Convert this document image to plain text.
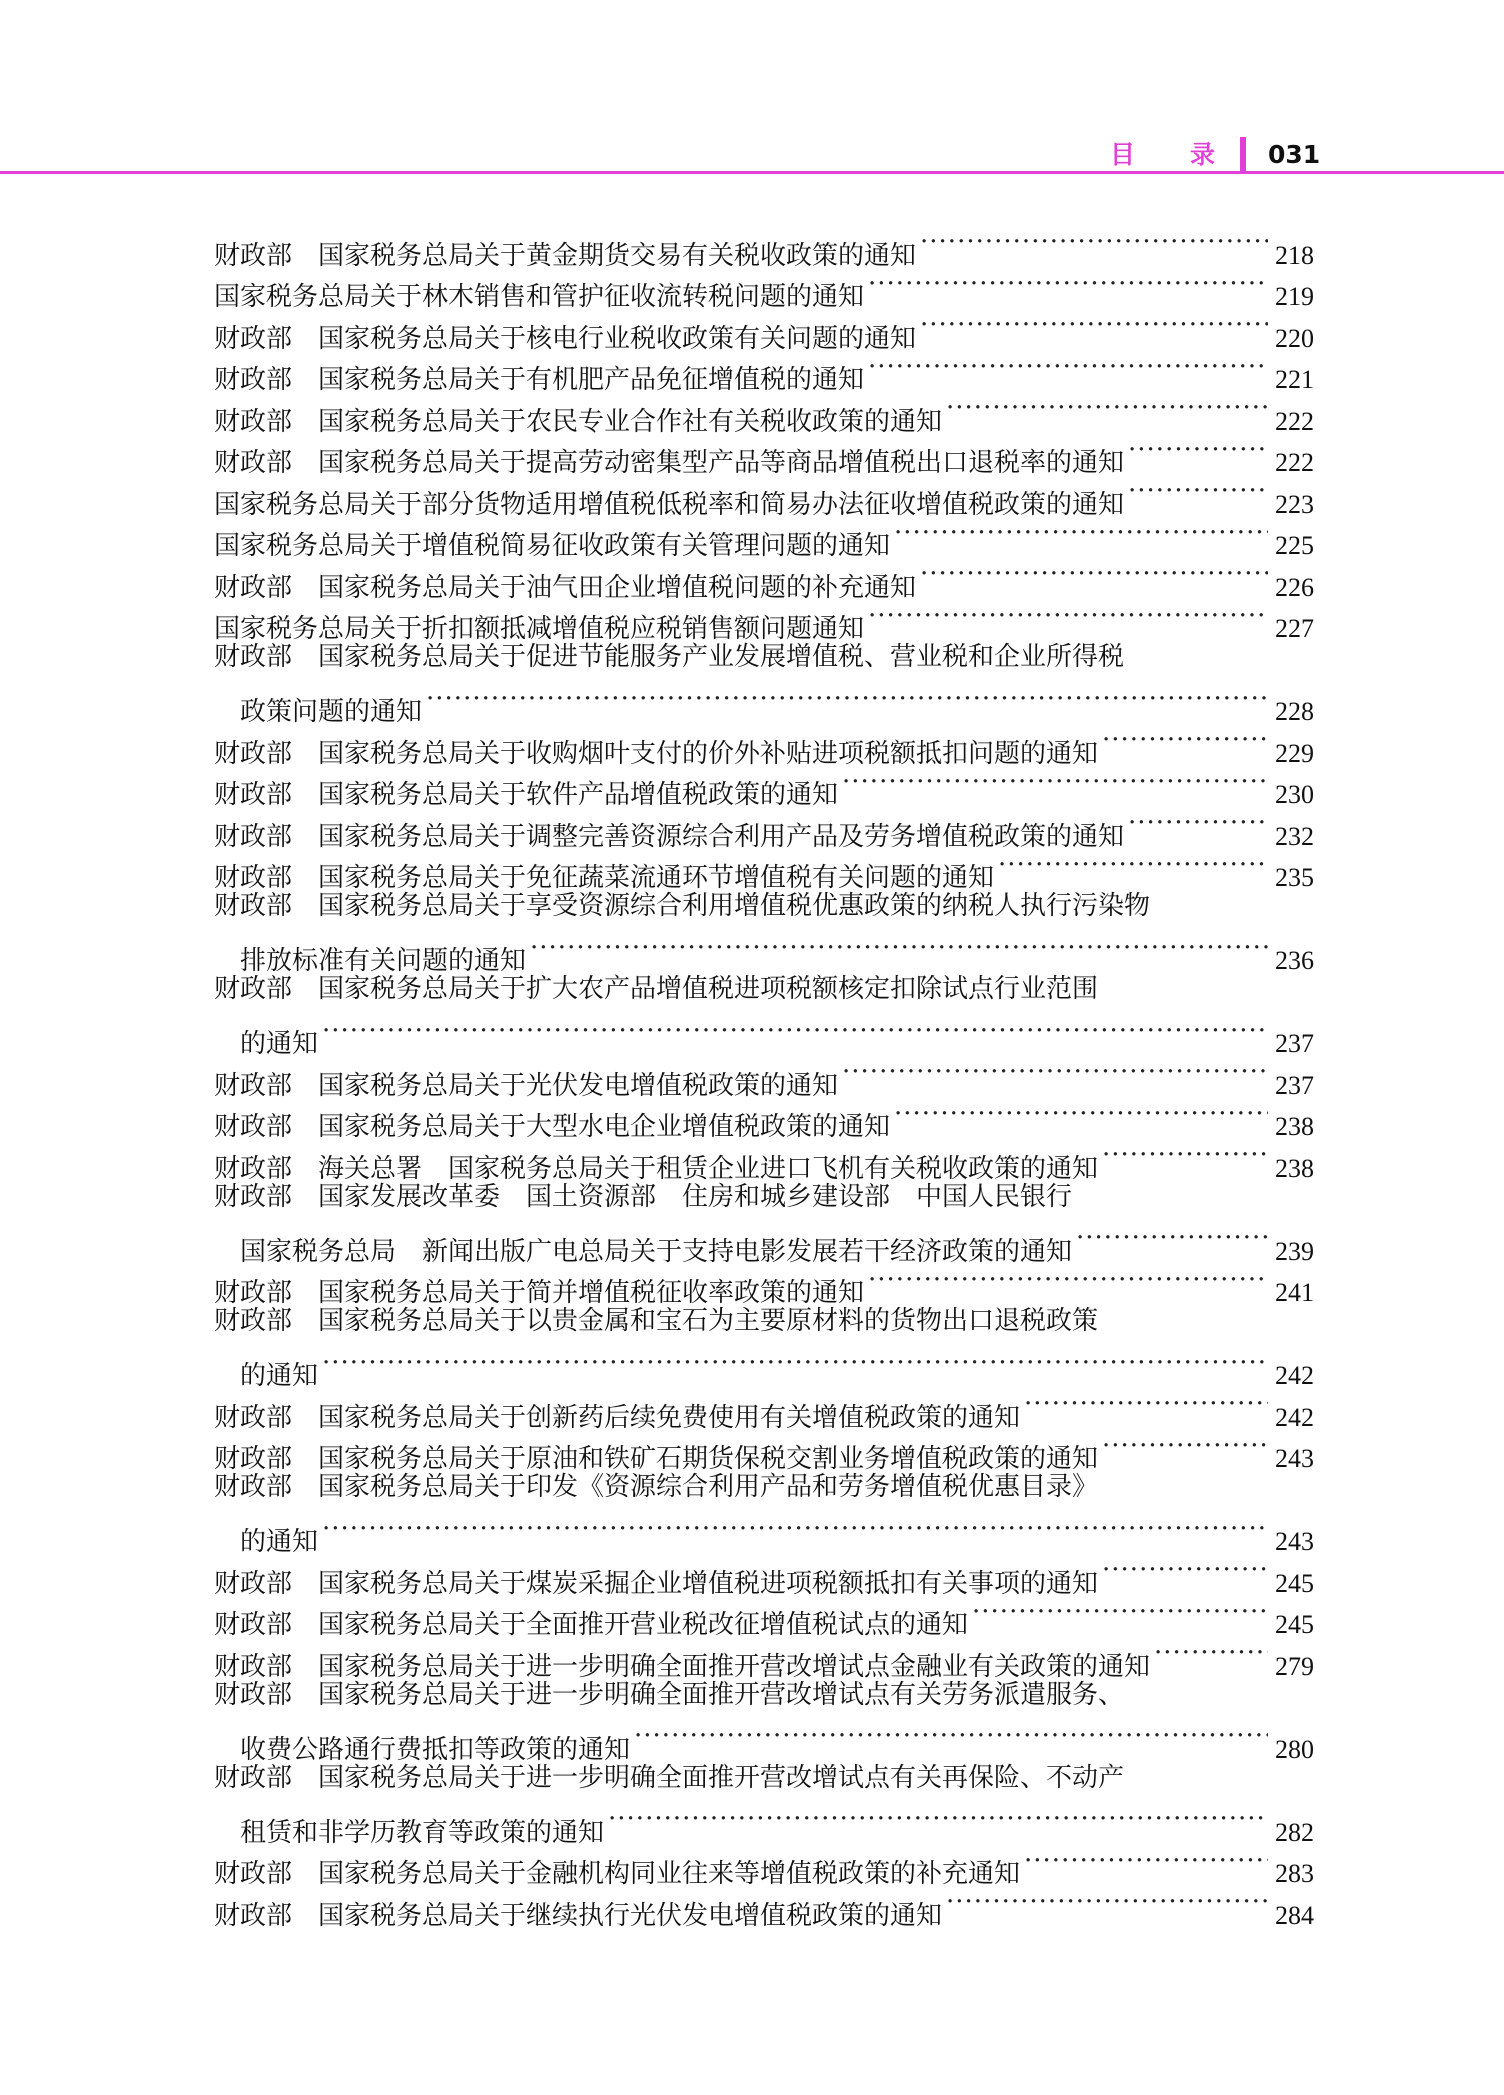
目 录 031
财政部　国家税务总局关于黄金期货交易有关税收政策的通知 ·····	218
国家税务总局关于林木销售和管护征收流转税问题的通知 ·····	219
财政部　国家税务总局关于核电行业税收政策有关问题的通知 ·····	220
财政部　国家税务总局关于有机肥产品免征增值税的通知 ·····	221
财政部　国家税务总局关于农民专业合作社有关税收政策的通知 ·····	222
财政部　国家税务总局关于提高劳动密集型产品等商品增值税出口退税率的通知 ·····	222
国家税务总局关于部分货物适用增值税低税率和简易办法征收增值税政策的通知 ·····	223
国家税务总局关于增值税简易征收政策有关管理问题的通知 ·····	225
财政部　国家税务总局关于油气田企业增值税问题的补充通知 ·····	226
国家税务总局关于折扣额抵减增值税应税销售额问题通知 ·····	227
财政部　国家税务总局关于促进节能服务产业发展增值税、营业税和企业所得税
政策问题的通知 ·····	228
财政部　国家税务总局关于收购烟叶支付的价外补贴进项税额抵扣问题的通知 ·····	229
财政部　国家税务总局关于软件产品增值税政策的通知 ·····	230
财政部　国家税务总局关于调整完善资源综合利用产品及劳务增值税政策的通知 ·····	232
财政部　国家税务总局关于免征蔬菜流通环节增值税有关问题的通知 ·····	235
财政部　国家税务总局关于享受资源综合利用增值税优惠政策的纳税人执行污染物
排放标准有关问题的通知 ·····	236
财政部　国家税务总局关于扩大农产品增值税进项税额核定扣除试点行业范围
的通知 ·····	237
财政部　国家税务总局关于光伏发电增值税政策的通知 ·····	237
财政部　国家税务总局关于大型水电企业增值税政策的通知 ·····	238
财政部　海关总署　国家税务总局关于租赁企业进口飞机有关税收政策的通知 ·····	238
财政部　国家发展改革委　国土资源部　住房和城乡建设部　中国人民银行
国家税务总局　新闻出版广电总局关于支持电影发展若干经济政策的通知 ·····	239
财政部　国家税务总局关于简并增值税征收率政策的通知 ·····	241
财政部　国家税务总局关于以贵金属和宝石为主要原材料的货物出口退税政策
的通知 ·····	242
财政部　国家税务总局关于创新药后续免费使用有关增值税政策的通知 ·····	242
财政部　国家税务总局关于原油和铁矿石期货保税交割业务增值税政策的通知 ·····	243
财政部　国家税务总局关于印发《资源综合利用产品和劳务增值税优惠目录》
的通知 ·····	243
财政部　国家税务总局关于煤炭采掘企业增值税进项税额抵扣有关事项的通知 ·····	245
财政部　国家税务总局关于全面推开营业税改征增值税试点的通知 ·····	245
财政部　国家税务总局关于进一步明确全面推开营改增试点金融业有关政策的通知 ·····	279
财政部　国家税务总局关于进一步明确全面推开营改增试点有关劳务派遣服务、
收费公路通行费抵扣等政策的通知 ·····	280
财政部　国家税务总局关于进一步明确全面推开营改增试点有关再保险、不动产
租赁和非学历教育等政策的通知 ·····	282
财政部　国家税务总局关于金融机构同业往来等增值税政策的补充通知 ·····	283
财政部　国家税务总局关于继续执行光伏发电增值税政策的通知 ·····	284
